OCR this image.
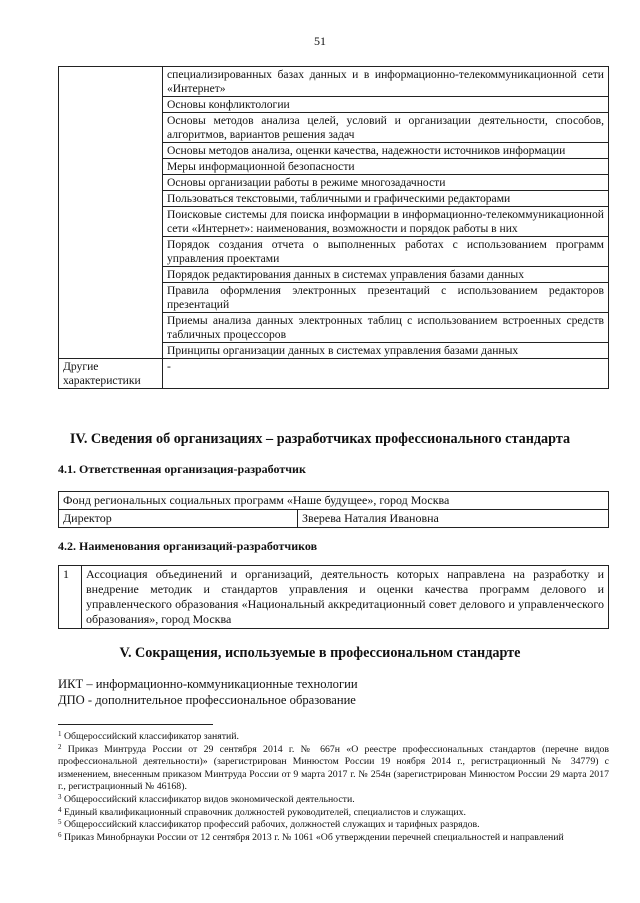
51
	специализированных базах данных и в информационно-телекоммуникационной сети «Интернет»
	Основы конфликтологии
	Основы методов анализа целей, условий и организации деятельности, способов, алгоритмов, вариантов решения задач
	Основы методов анализа, оценки качества, надежности источников информации
	Меры информационной безопасности
	Основы организации работы в режиме многозадачности
	Пользоваться текстовыми, табличными и графическими редакторами
	Поисковые системы для поиска информации в информационно-телекоммуникационной сети «Интернет»: наименования, возможности и порядок работы в них
	Порядок создания отчета о выполненных работах с использованием программ управления проектами
	Порядок редактирования данных в системах управления базами данных
	Правила оформления электронных презентаций с использованием редакторов презентаций
	Приемы анализа данных электронных таблиц с использованием встроенных средств табличных процессоров
	Принципы организации данных в системах управления базами данных
Другие характеристики	-
IV. Сведения об организациях – разработчиках профессионального стандарта
4.1. Ответственная организация-разработчик
Фонд региональных социальных программ «Наше будущее», город Москва
Директор	Зверева Наталия Ивановна
4.2. Наименования организаций-разработчиков
1	Ассоциация объединений и организаций, деятельность которых направлена на разработку и внедрение методик и стандартов управления и оценки качества программ делового и управленческого образования «Национальный аккредитационный совет делового и управленческого образования», город Москва
V. Сокращения, используемые в профессиональном стандарте
ИКТ – информационно-коммуникационные технологии
ДПО - дополнительное профессиональное образование
$^1$ Общероссийский классификатор занятий.
$^2$ Приказ Минтруда России от 29 сентября 2014 г. № 667н «О реестре профессиональных стандартов (перечне видов профессиональной деятельности)» (зарегистрирован Минюстом России 19 ноября 2014 г., регистрационный № 34779) с изменением, внесенным приказом Минтруда России от 9 марта 2017 г. № 254н (зарегистрирован Минюстом России 29 марта 2017 г., регистрационный № 46168).
$^3$ Общероссийский классификатор видов экономической деятельности.
$^4$ Единый квалификационный справочник должностей руководителей, специалистов и служащих.
$^5$ Общероссийский классификатор профессий рабочих, должностей служащих и тарифных разрядов.
$^6$ Приказ Минобрнауки России от 12 сентября 2013 г. № 1061 «Об утверждении перечней специальностей и направлений
